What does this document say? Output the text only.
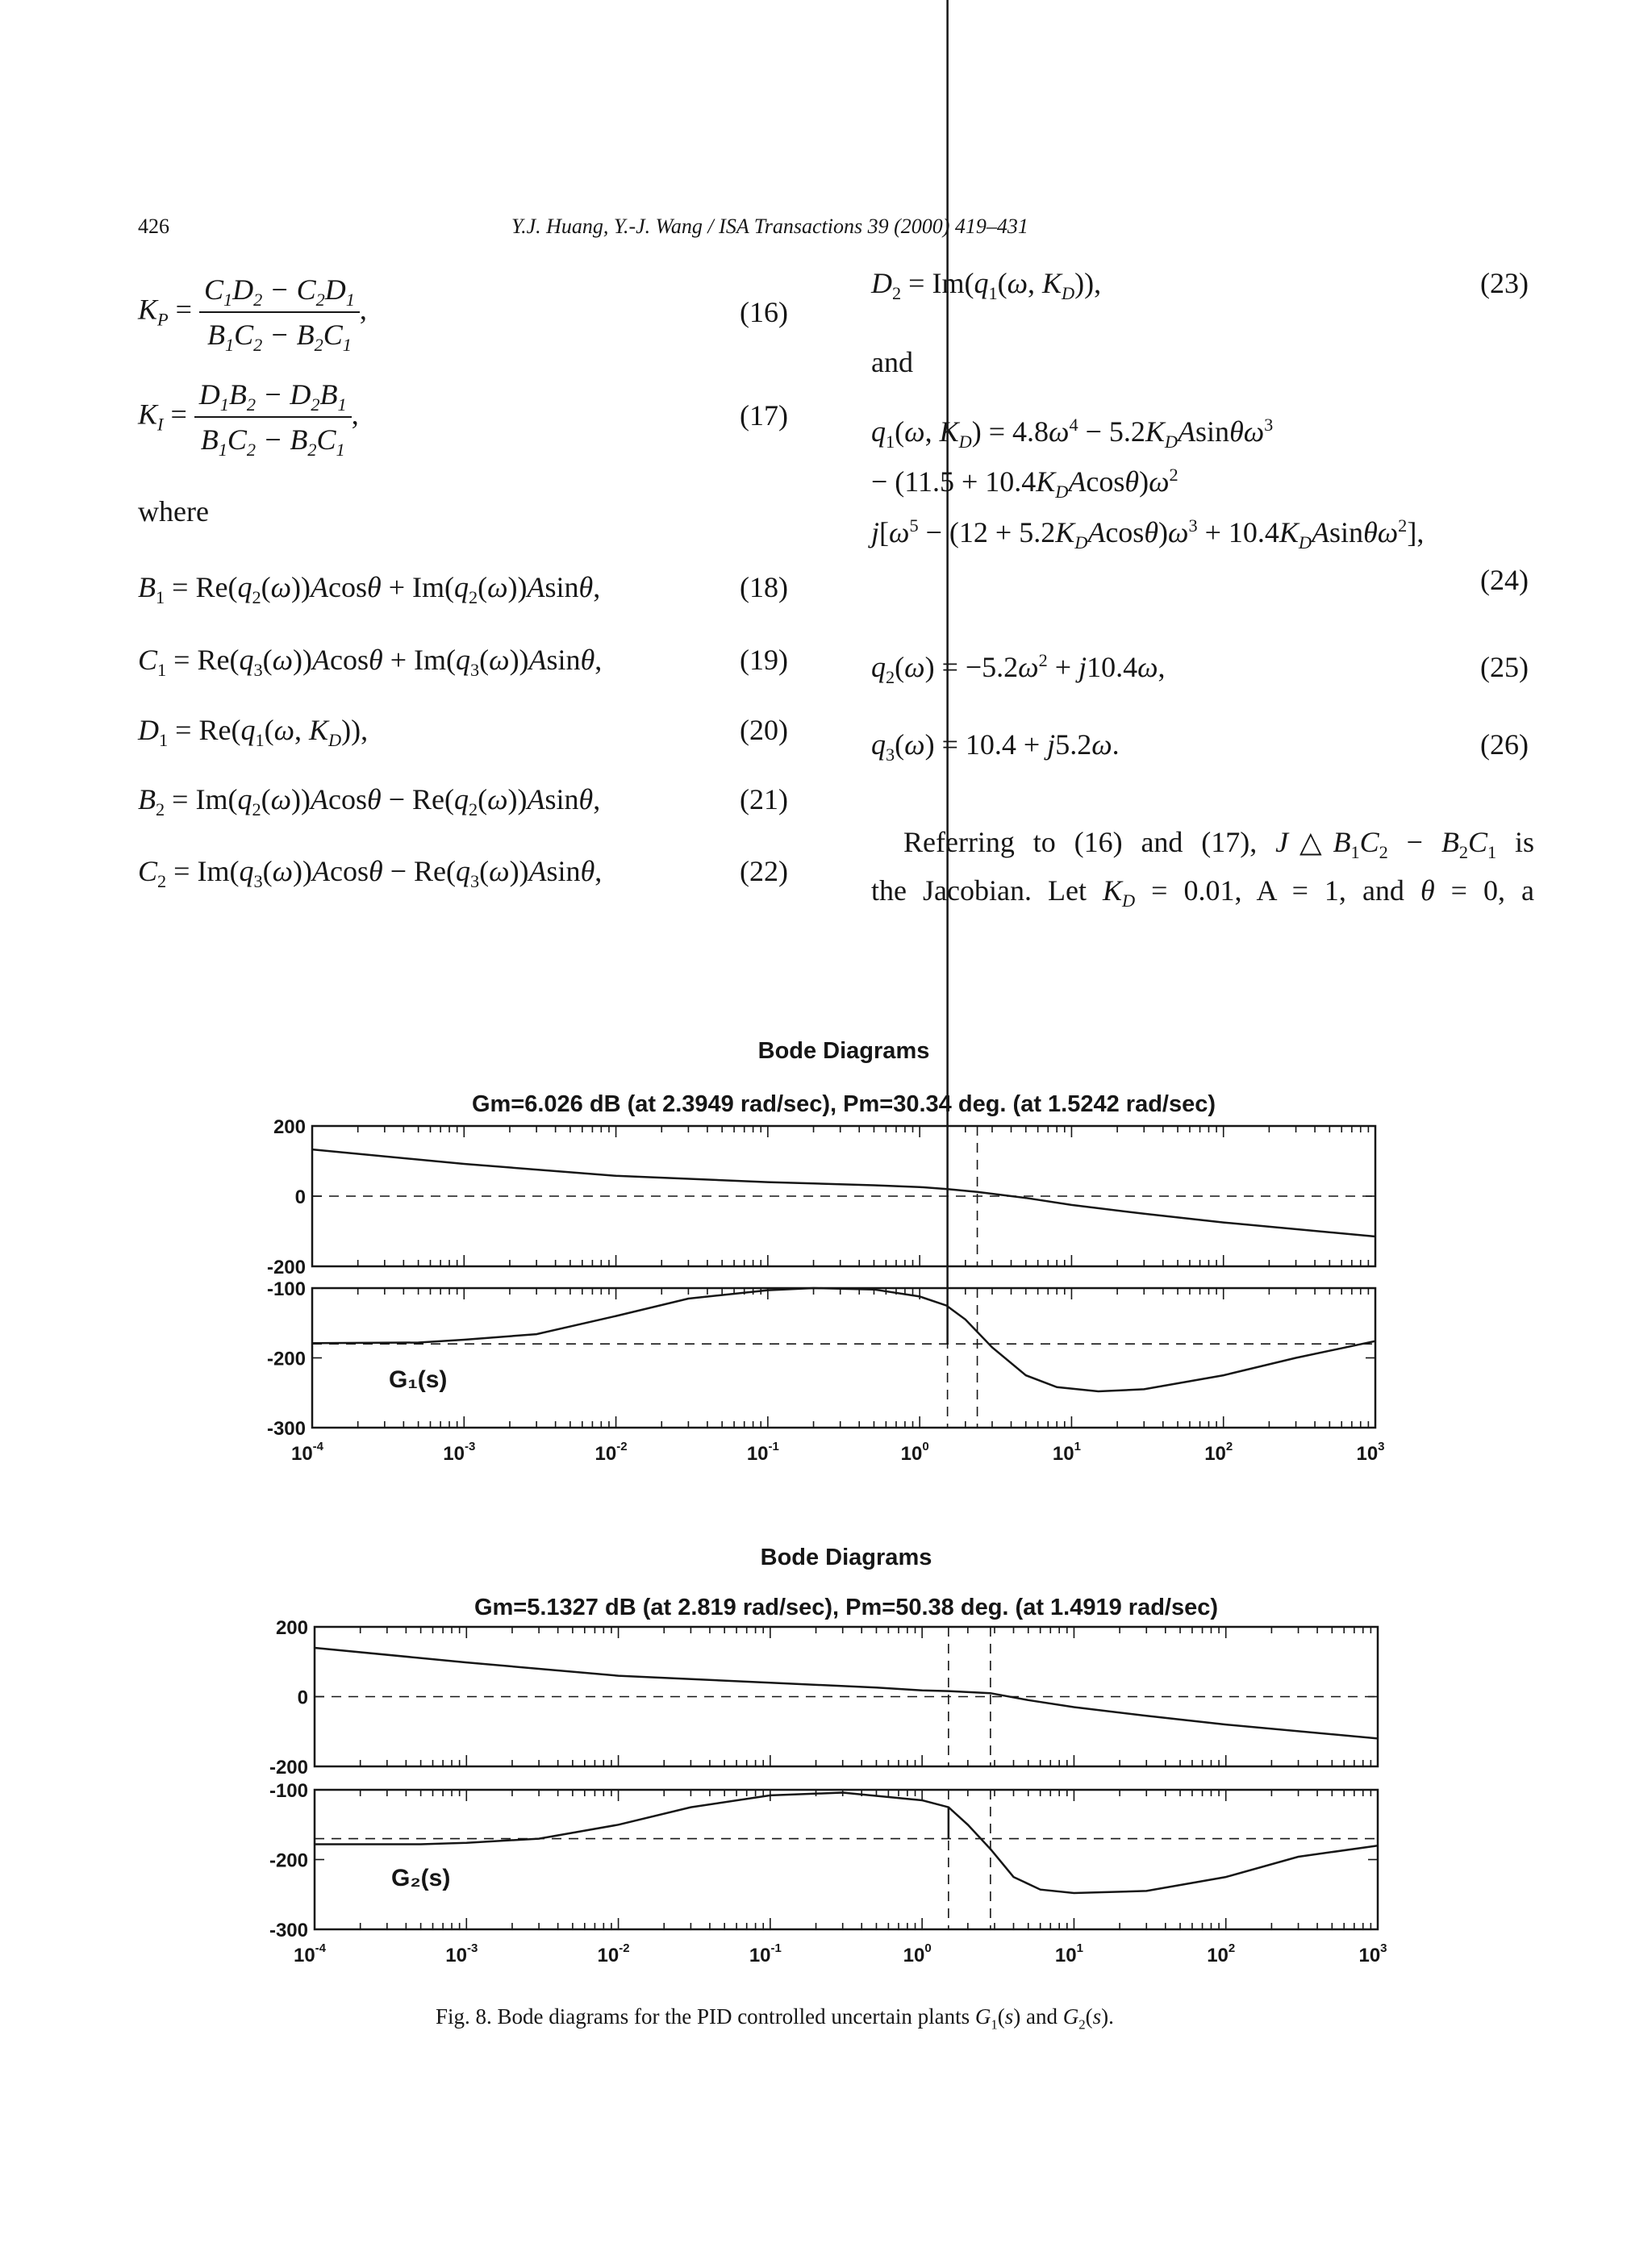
426	Y.J. Huang, Y.-J. Wang / ISA Transactions 39 (2000) 419–431
$K_P = \frac{C_1D_2 - C_2D_1}{B_1C_2 - B_2C_1}$ ,	(16)
$K_I = \frac{D_1B_2 - D_2B_1}{B_1C_2 - B_2C_1}$ ,	(17)
where
$B_1 = Re(q_2(\omega))Acos\theta + Im(q_2(\omega))Asin\theta$,	(18)
$C_1 = Re(q_3(\omega))Acos\theta + Im(q_3(\omega))Asin\theta$,	(19)
$D_1 = Re(q_1(\omega$, $K_D$)),	(20)
$B_2 = Im(q_2(\omega))Acos\theta - Re(q_2(\omega))Asin\theta$,	(21)
$C_2 = Im(q_3(\omega))Acos\theta - Re(q_3(\omega))Asin\theta$,	(22)
$D_2 = Im(q_1(\omega$, $K_D$)),	(23)
and
$q_1(\omega$, $K_D) = 4.8\omega^4 - 5.2K_DAsin\theta\omega^3$
− $(11.5 + 10.4K_DAcos\theta)\omega^2$
$j[\omega^5 - (12 + 5.2K_DAcos\theta)\omega^3 + 10.4K_DAsin\theta\omega^2]$,
(24)
$q_2(\omega) = -5.2\omega^2 + j10.4\omega$,	(25)
$q_3(\omega) = 10.4 + j5.2\omega$.	(26)
Referring to (16) and (17), $J\triangle B_1C_2 - B_2C_1$ is
the Jacobian. Let $K_D = 0.01$, A = 1, and θ = 0, a
Bode Diagrams
Gm=6.026 dB (at 2.3949 rad/sec), Pm=30.34 deg. (at 1.5242 rad/sec)
200
0
-200
-100
-200
-300
G₁(s)
$10^{-4}$	$10^{-3}$	$10^{-2}$	$10^{-1}$	$10^0$	$10^1$	$10^2$	$10^3$
Bode Diagrams
Gm=5.1327 dB (at 2.819 rad/sec), Pm=50.38 deg. (at 1.4919 rad/sec)
200
0
-200
-100
-200
-300
G₂(s)
$10^{-4}$	$10^{-3}$	$10^{-2}$	$10^{-1}$	$10^0$	$10^1$	$10^2$	$10^3$
Fig. 8. Bode diagrams for the PID controlled uncertain plants $G_1(s)$ and $G_2(s)$.
